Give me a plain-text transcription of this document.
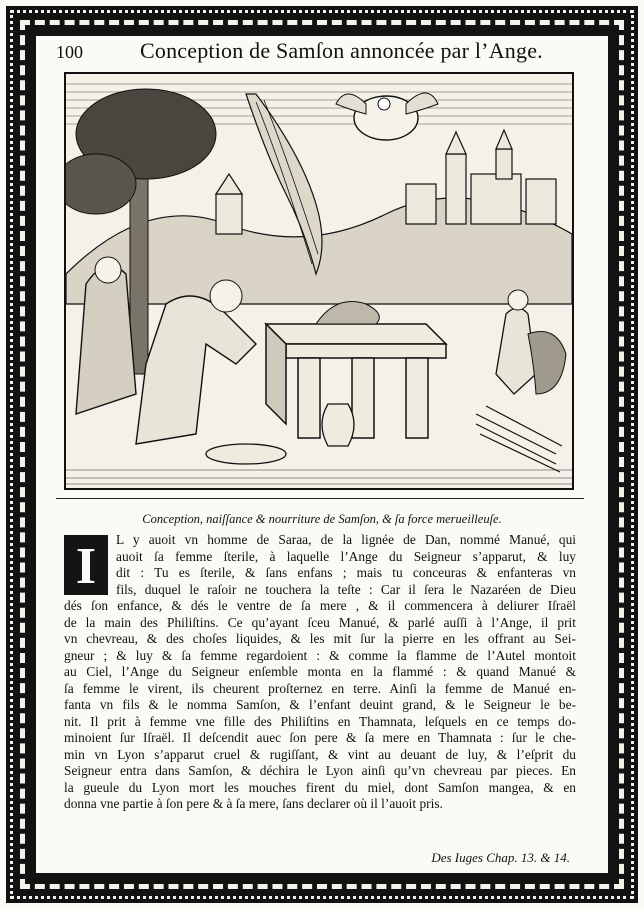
100	Conception de Samſon annoncée par l’Ange.
Conception, naiſſance & nourriture de Samſon, & ſa force merueilleuſe.
I	L y auoit vn homme de Saraa, de la lignée de Dan, nommé Manué, qui
auoit ſa femme ſterile, à laquelle l’Ange du Seigneur s’apparut, & luy
dit : Tu es ſterile, & ſans enfans ; mais tu conceuras & enfanteras vn
fils, duquel le raſoir ne touchera la teſte : Car il ſera le Nazaréen de Dieu
dés ſon enfance, & dés le ventre de ſa mere , & il commencera à deliurer Iſraël
de la main des Philiſtins. Ce qu’ayant ſceu Manué, & parlé auſſi à l’Ange, il prit
vn chevreau, & des choſes liquides, & les mit ſur la pierre en les offrant au Sei-
gneur ; & luy & ſa femme regardoient : & comme la flamme de l’Autel montoit
au Ciel, l’Ange du Seigneur enſemble monta en la flammé : & quand Manué &
ſa femme le virent, ils cheurent proſternez en terre. Ainſi la femme de Manué en-
fanta vn fils & le nomma Samſon, & l’enfant deuint grand, & le Seigneur le be-
nit. Il prit à femme vne fille des Philiſtins en Thamnata, leſquels en ce temps do-
minoient ſur Iſraël. Il deſcendit auec ſon pere & ſa mere en Thamnata : ſur le che-
min vn Lyon s’apparut cruel & rugiſſant, & vint au deuant de luy, & l’eſprit du
Seigneur entra dans Samſon, & déchira le Lyon ainſi qu’vn chevreau par pieces. En
la gueule du Lyon mort les mouches firent du miel, dont Samſon mangea, & en
donna vne partie à ſon pere & à ſa mere, ſans declarer où il l’auoit pris.
Des Iuges Chap. 13. & 14.
